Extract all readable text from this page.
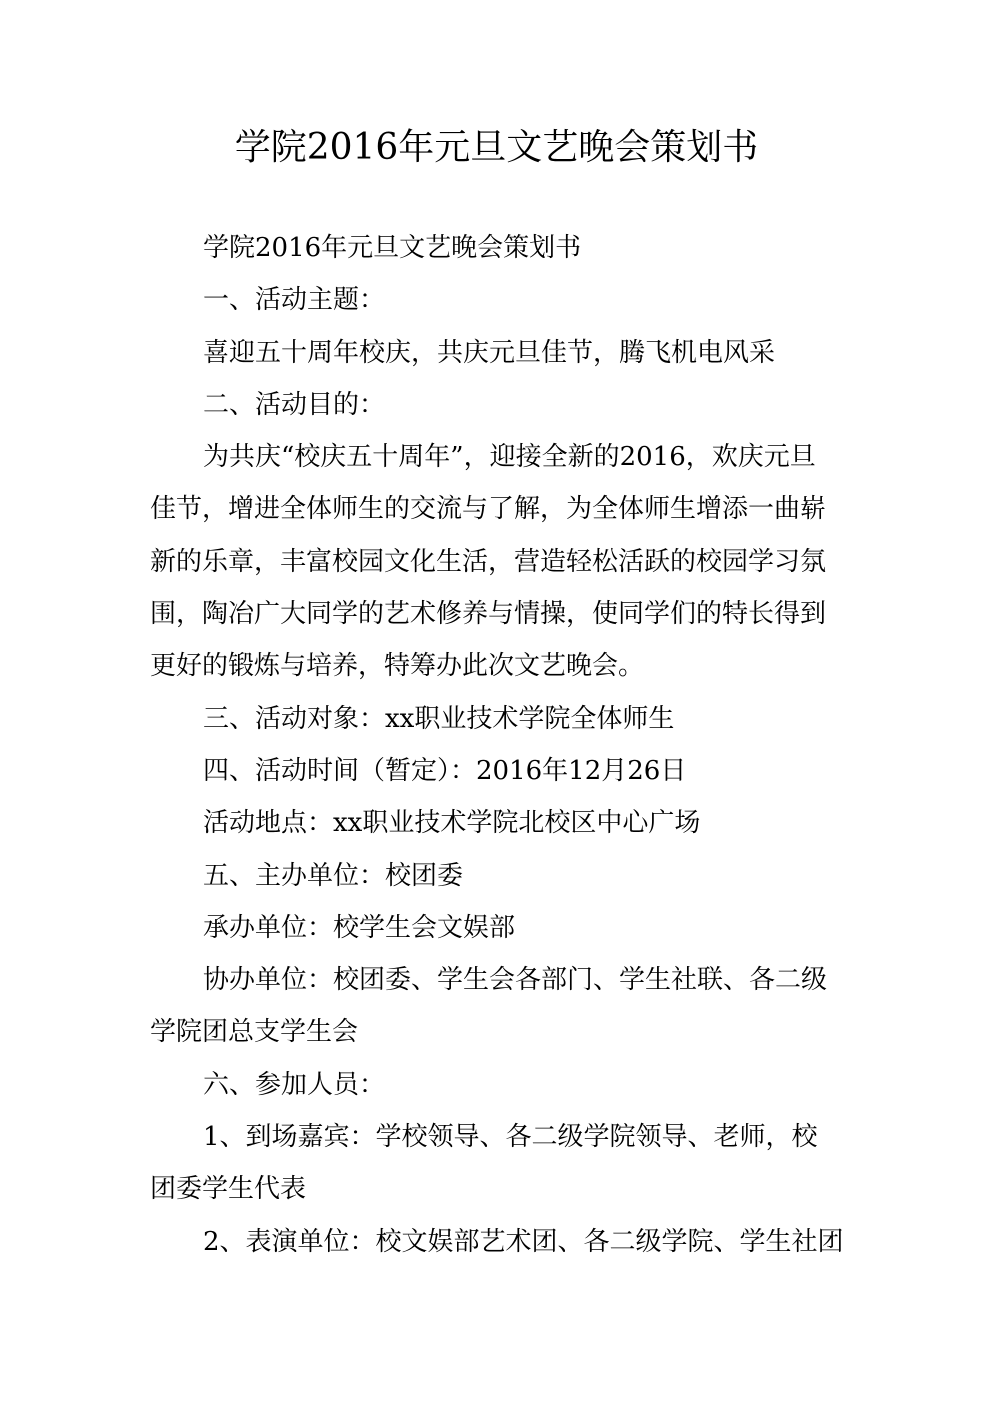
学院2016年元旦文艺晚会策划书

学院2016年元旦文艺晚会策划书

一、活动主题：

喜迎五十周年校庆，共庆元旦佳节，腾飞机电风采

二、活动目的：

为共庆“校庆五十周年”，迎接全新的2016，欢庆元旦佳节，增进全体师生的交流与了解，为全体师生增添一曲崭新的乐章，丰富校园文化生活，营造轻松活跃的校园学习氛围，陶冶广大同学的艺术修养与情操，使同学们的特长得到更好的锻炼与培养，特筹办此次文艺晚会。

三、活动对象：xx职业技术学院全体师生

四、活动时间（暂定）：2016年12月26日

活动地点：xx职业技术学院北校区中心广场

五、主办单位：校团委

承办单位：校学生会文娱部

协办单位：校团委、学生会各部门、学生社联、各二级学院团总支学生会

六、参加人员：

1、到场嘉宾：学校领导、各二级学院领导、老师，校团委学生代表

2、表演单位：校文娱部艺术团、各二级学院、学生社团
